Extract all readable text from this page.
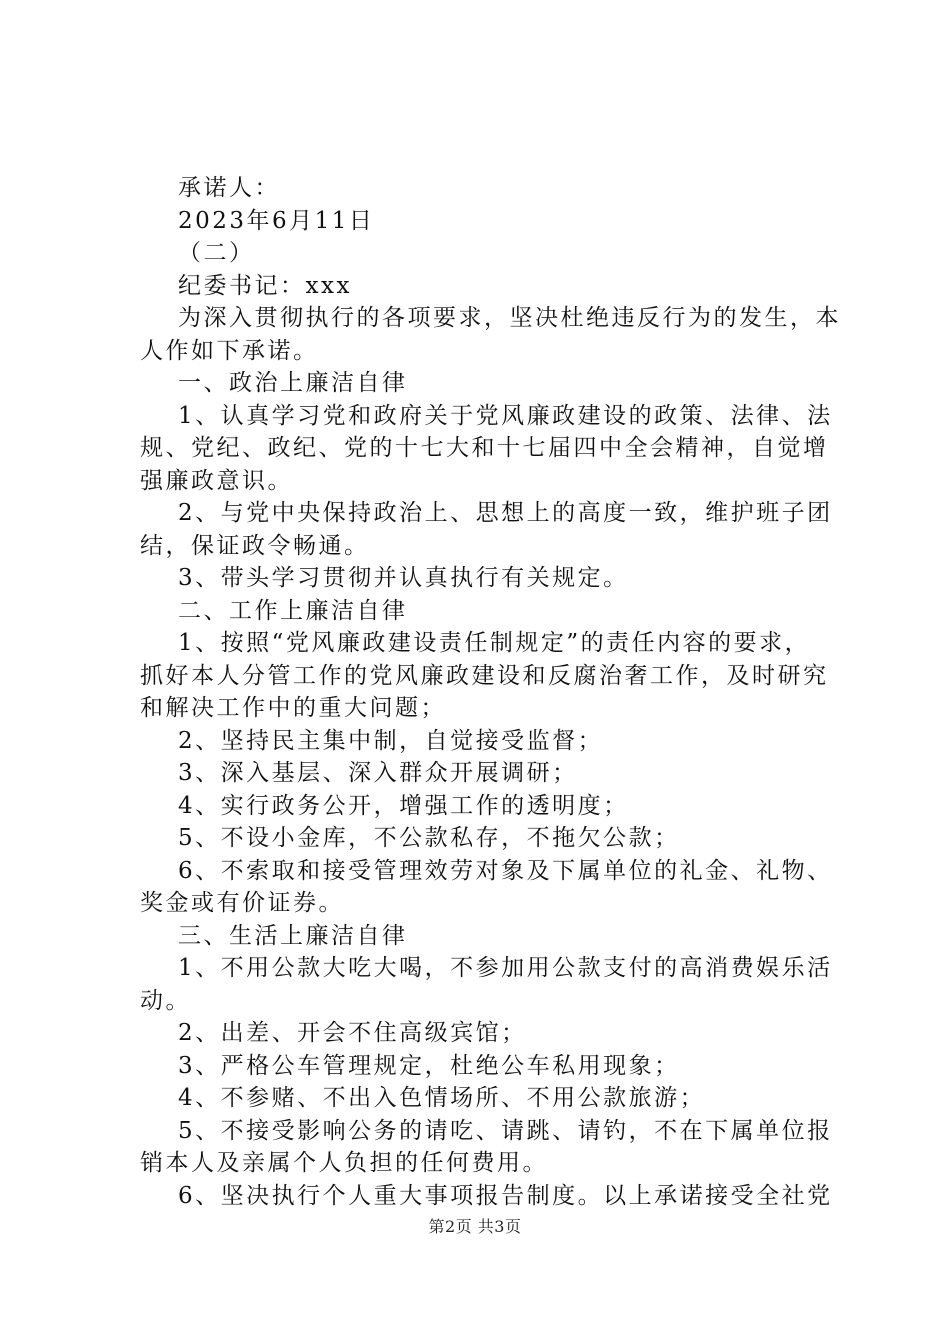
承诺人：

2023年6月11日

（二）

纪委书记：xxx

为深入贯彻执行的各项要求，坚决杜绝违反行为的发生，本

人作如下承诺。

一、政治上廉洁自律

1、认真学习党和政府关于党风廉政建设的政策、法律、法

规、党纪、政纪、党的十七大和十七届四中全会精神，自觉增

强廉政意识。

2、与党中央保持政治上、思想上的高度一致，维护班子团

结，保证政令畅通。

3、带头学习贯彻并认真执行有关规定。

二、工作上廉洁自律

1、按照“党风廉政建设责任制规定”的责任内容的要求，

抓好本人分管工作的党风廉政建设和反腐治奢工作，及时研究

和解决工作中的重大问题；

2、坚持民主集中制，自觉接受监督；

3、深入基层、深入群众开展调研；

4、实行政务公开，增强工作的透明度；

5、不设小金库，不公款私存，不拖欠公款；

6、不索取和接受管理效劳对象及下属单位的礼金、礼物、

奖金或有价证券。

三、生活上廉洁自律

1、不用公款大吃大喝，不参加用公款支付的高消费娱乐活

动。

2、出差、开会不住高级宾馆；

3、严格公车管理规定，杜绝公车私用现象；

4、不参赌、不出入色情场所、不用公款旅游；

5、不接受影响公务的请吃、请跳、请钓，不在下属单位报

销本人及亲属个人负担的任何费用。

6、坚决执行个人重大事项报告制度。以上承诺接受全社党

第2页 共3页
